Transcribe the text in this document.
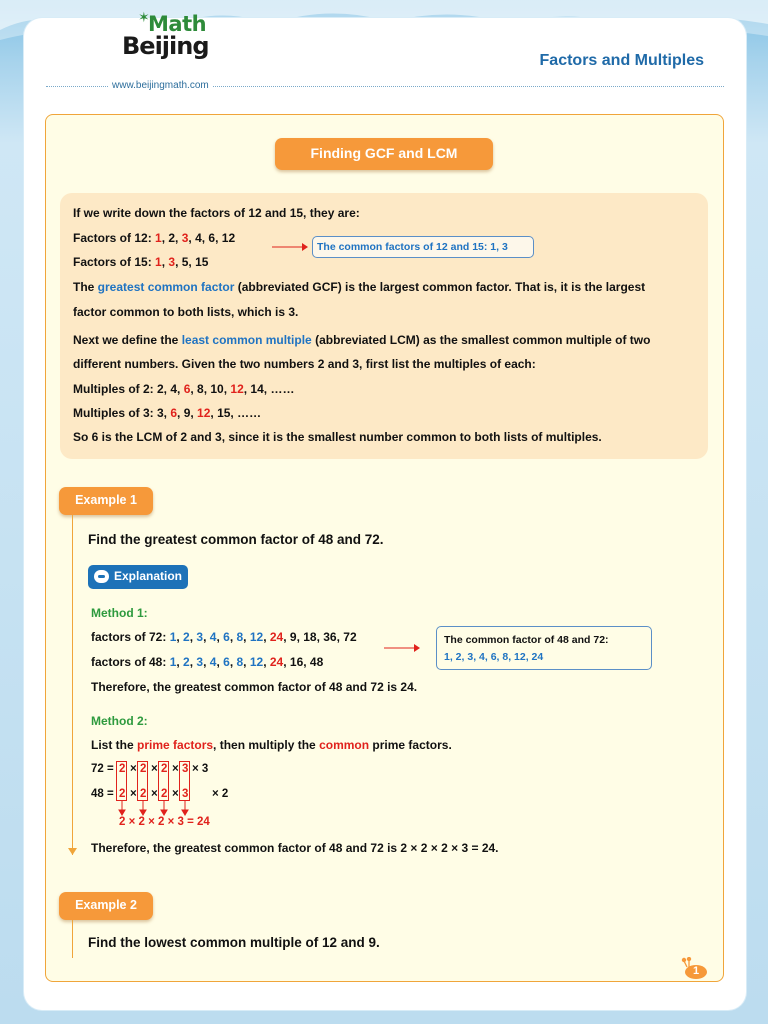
✶
Math
Beijing
Factors and Multiples
www.beijingmath.com
Finding GCF and LCM
If we write down the factors of 12 and 15, they are:
Factors of 12: 1, 2, 3, 4, 6, 12
Factors of 15: 1, 3, 5, 15
The common factors of 12 and 15: 1, 3
The greatest common factor (abbreviated GCF) is the largest common factor. That is, it is the largest
factor common to both lists, which is 3.
Next we define the least common multiple (abbreviated LCM) as the smallest common multiple of two
different numbers. Given the two numbers 2 and 3, first list the multiples of each:
Multiples of 2: 2, 4, 6, 8, 10, 12, 14, ……
Multiples of 3: 3, 6, 9, 12, 15, ……
So 6 is the LCM of 2 and 3, since it is the smallest number common to both lists of multiples.
Example 1
Find the greatest common factor of 48 and 72.
Explanation
Method 1:
factors of 72: 1, 2, 3, 4, 6, 8, 12, 24, 9, 18, 36, 72
factors of 48: 1, 2, 3, 4, 6, 8, 12, 24, 16, 48
The common factor of 48 and 72:
1, 2, 3, 4, 6, 8, 12, 24
Therefore, the greatest common factor of 48 and 72 is 24.
Method 2:
List the prime factors, then multiply the common prime factors.
72 =
48 =
2 × 2 × 2 × 3 × 3
2 × 2 × 2 × 3 × 2
2 × 2 × 2 × 3 = 24
Therefore, the greatest common factor of 48 and 72 is 2 × 2 × 2 × 3 = 24.
Example 2
Find the lowest common multiple of 12 and 9.
1
